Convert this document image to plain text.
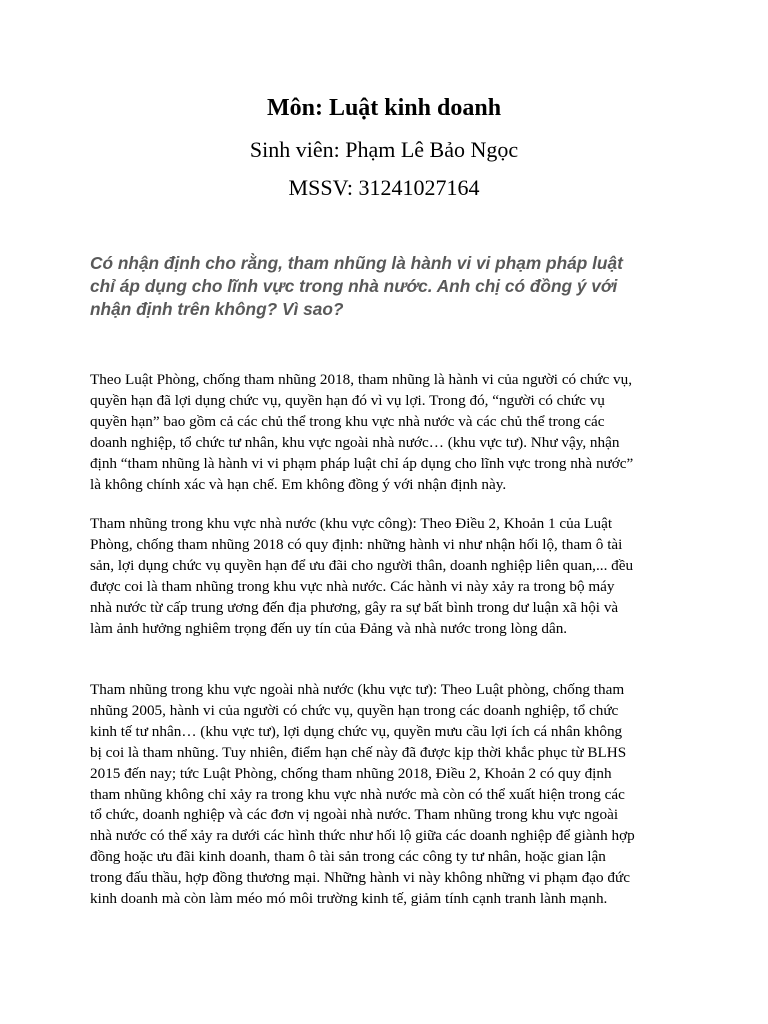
Môn: Luật kinh doanh

Sinh viên: Phạm Lê Bảo Ngọc

MSSV: 31241027164

Có nhận định cho rằng, tham nhũng là hành vi vi phạm pháp luật
chỉ áp dụng cho lĩnh vực trong nhà nước. Anh chị có đồng ý với
nhận định trên không? Vì sao?

Theo Luật Phòng, chống tham nhũng 2018, tham nhũng là hành vi của người có chức vụ,
quyền hạn đã lợi dụng chức vụ, quyền hạn đó vì vụ lợi. Trong đó, “người có chức vụ
quyền hạn” bao gồm cả các chủ thể trong khu vực nhà nước và các chủ thể trong các
doanh nghiệp, tổ chức tư nhân, khu vực ngoài nhà nước… (khu vực tư). Như vậy, nhận
định “tham nhũng là hành vi vi phạm pháp luật chỉ áp dụng cho lĩnh vực trong nhà nước”
là không chính xác và hạn chế. Em không đồng ý với nhận định này.

Tham nhũng trong khu vực nhà nước (khu vực công): Theo Điều 2, Khoản 1 của Luật
Phòng, chống tham nhũng 2018 có quy định: những hành vi như nhận hối lộ, tham ô tài
sản, lợi dụng chức vụ quyền hạn để ưu đãi cho người thân, doanh nghiệp liên quan,... đều
được coi là tham nhũng trong khu vực nhà nước. Các hành vi này xảy ra trong bộ máy
nhà nước từ cấp trung ương đến địa phương, gây ra sự bất bình trong dư luận xã hội và
làm ảnh hưởng nghiêm trọng đến uy tín của Đảng và nhà nước trong lòng dân.

Tham nhũng trong khu vực ngoài nhà nước (khu vực tư): Theo Luật phòng, chống tham
nhũng 2005, hành vi của người có chức vụ, quyền hạn trong các doanh nghiệp, tổ chức
kinh tế tư nhân… (khu vực tư), lợi dụng chức vụ, quyền mưu cầu lợi ích cá nhân không
bị coi là tham nhũng. Tuy nhiên, điểm hạn chế này đã được kịp thời khắc phục từ BLHS
2015 đến nay; tức Luật Phòng, chống tham nhũng 2018, Điều 2, Khoản 2 có quy định
tham nhũng không chỉ xảy ra trong khu vực nhà nước mà còn có thể xuất hiện trong các
tổ chức, doanh nghiệp và các đơn vị ngoài nhà nước. Tham nhũng trong khu vực ngoài
nhà nước có thể xảy ra dưới các hình thức như hối lộ giữa các doanh nghiệp để giành hợp
đồng hoặc ưu đãi kinh doanh, tham ô tài sản trong các công ty tư nhân, hoặc gian lận
trong đấu thầu, hợp đồng thương mại. Những hành vi này không những vi phạm đạo đức
kinh doanh mà còn làm méo mó môi trường kinh tế, giảm tính cạnh tranh lành mạnh.
